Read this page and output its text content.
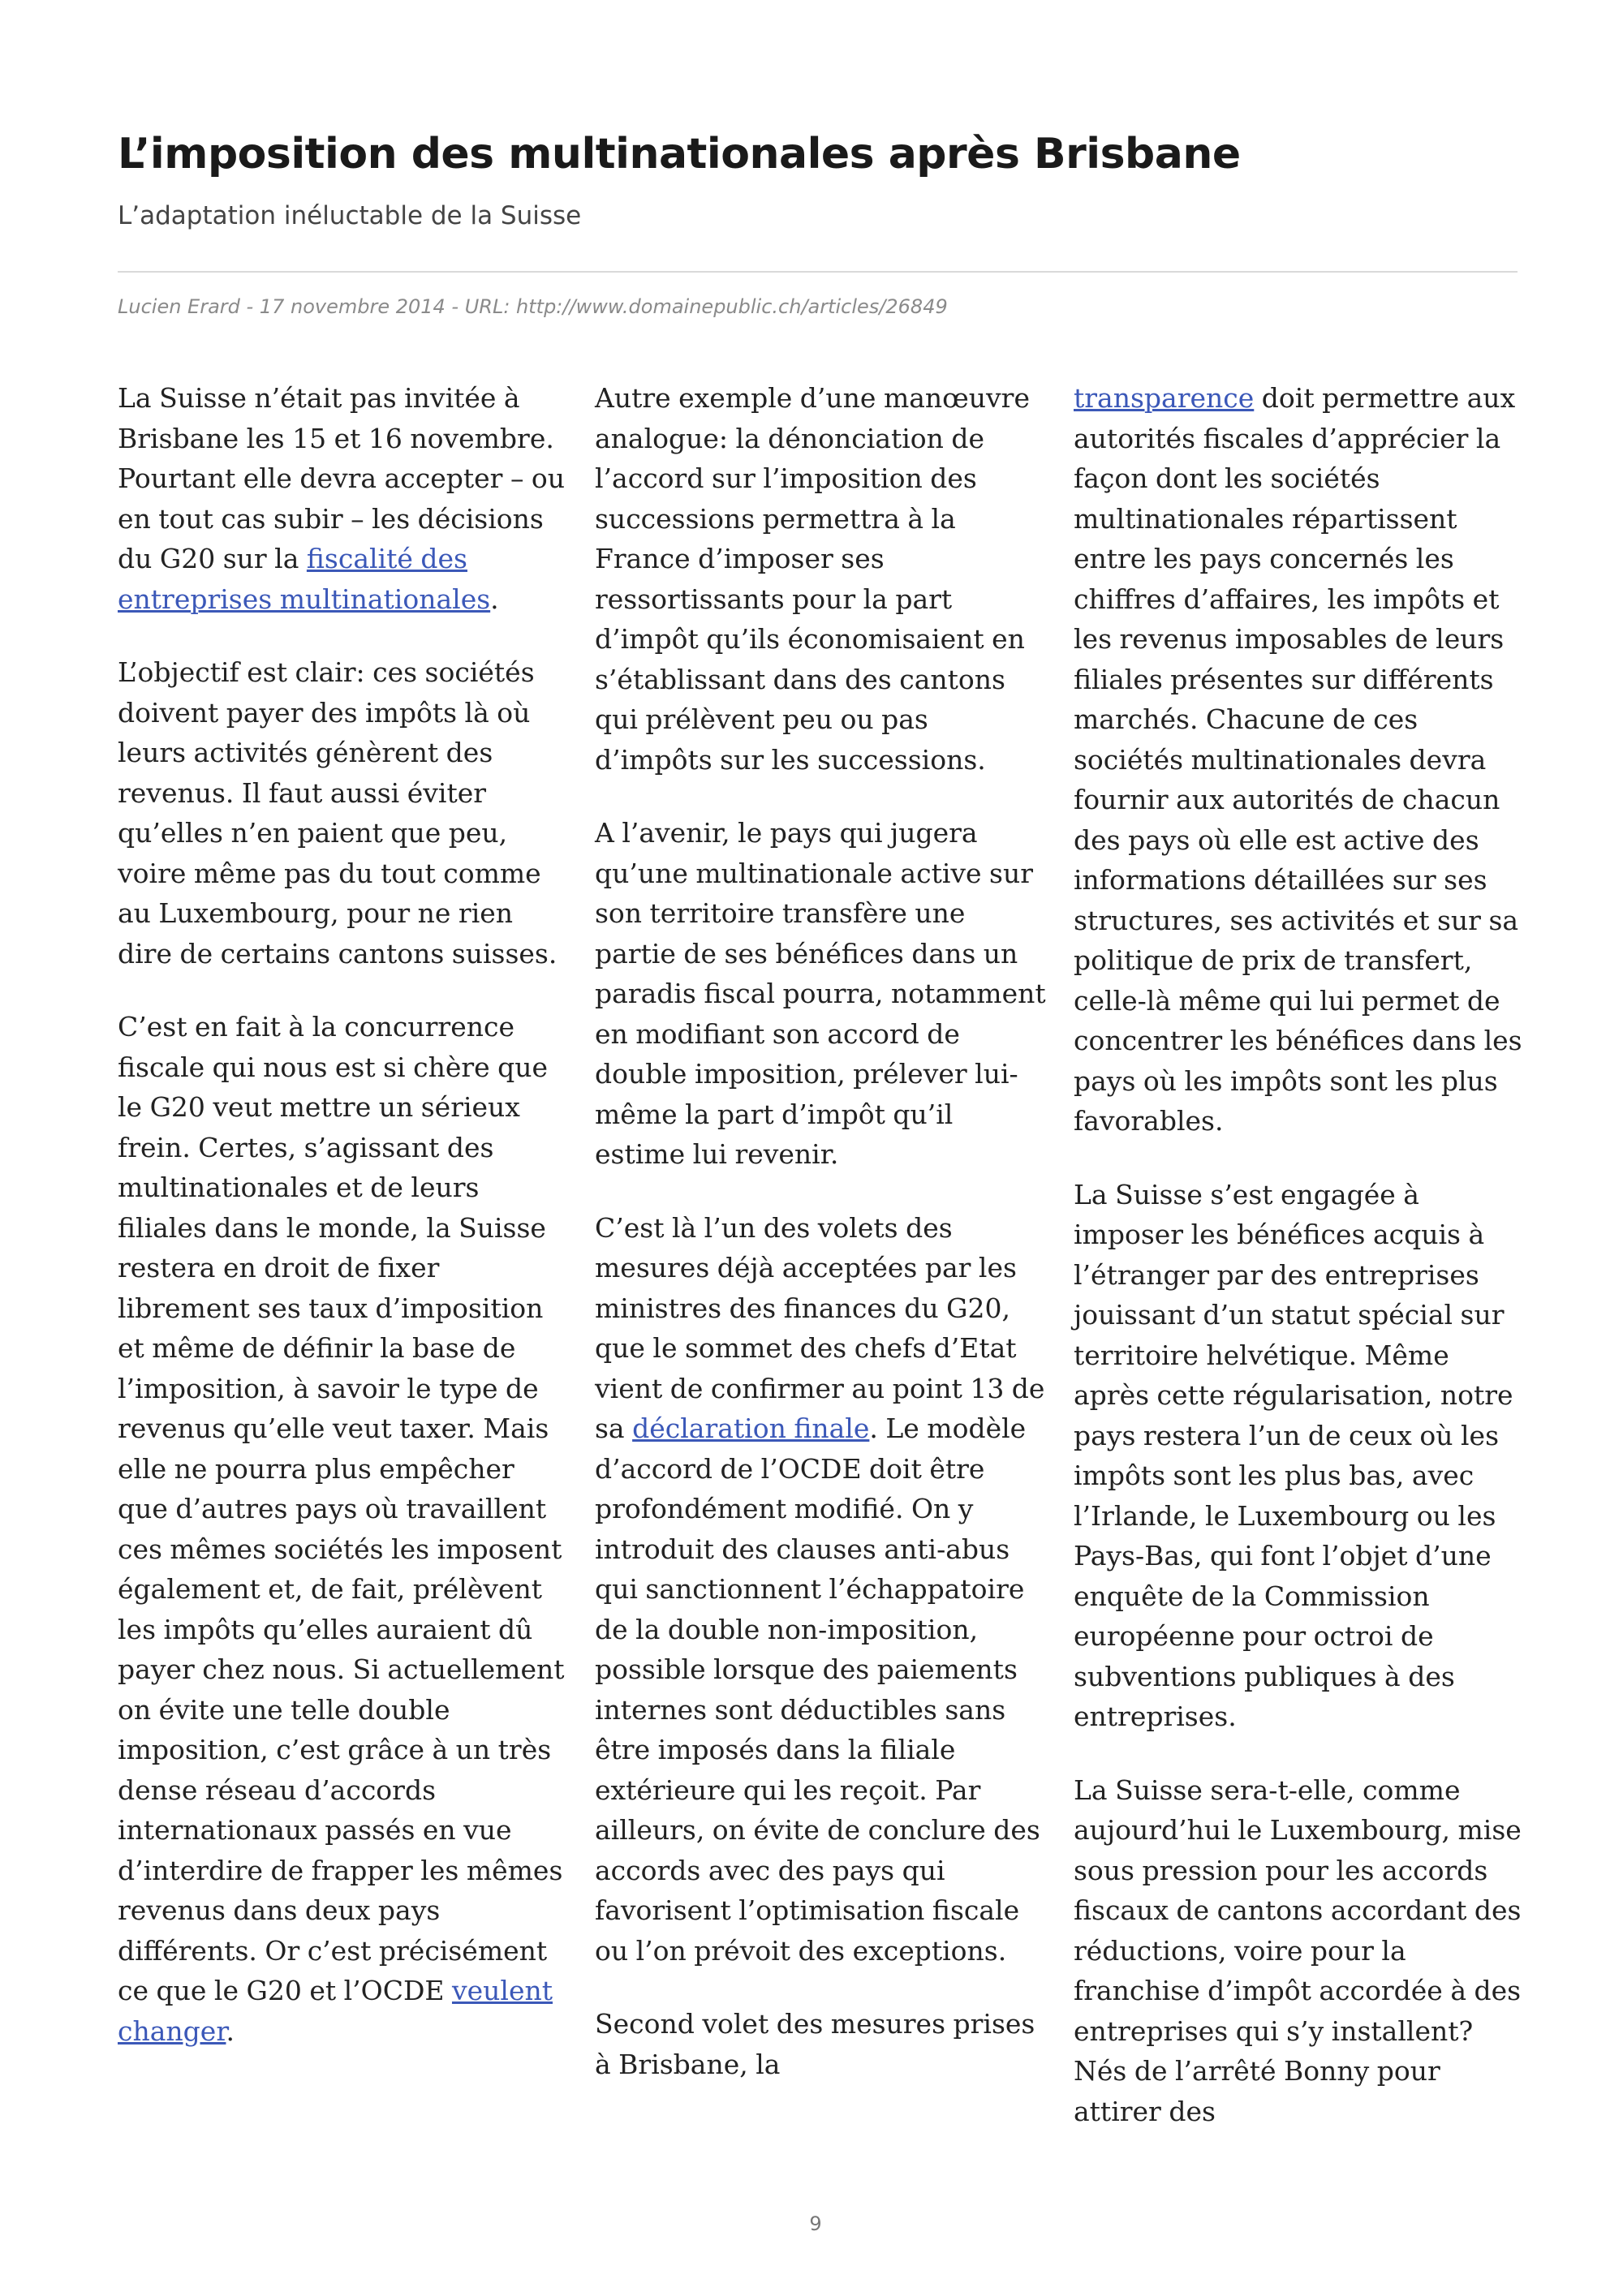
L’imposition des multinationales après Brisbane

L’adaptation inéluctable de la Suisse

Lucien Erard - 17 novembre 2014 - URL: http://www.domainepublic.ch/articles/26849

La Suisse n’était pas invitée à Brisbane les 15 et 16 novembre. Pourtant elle devra accepter – ou en tout cas subir – les décisions du G20 sur la fiscalité des entreprises multinationales.

L’objectif est clair: ces sociétés doivent payer des impôts là où leurs activités génèrent des revenus. Il faut aussi éviter qu’elles n’en paient que peu, voire même pas du tout comme au Luxembourg, pour ne rien dire de certains cantons suisses.

C’est en fait à la concurrence fiscale qui nous est si chère que le G20 veut mettre un sérieux frein. Certes, s’agissant des multinationales et de leurs filiales dans le monde, la Suisse restera en droit de fixer librement ses taux d’imposition et même de définir la base de l’imposition, à savoir le type de revenus qu’elle veut taxer. Mais elle ne pourra plus empêcher que d’autres pays où travaillent ces mêmes sociétés les imposent également et, de fait, prélèvent les impôts qu’elles auraient dû payer chez nous. Si actuellement on évite une telle double imposition, c’est grâce à un très dense réseau d’accords internationaux passés en vue d’interdire de frapper les mêmes revenus dans deux pays différents. Or c’est précisément ce que le G20 et l’OCDE veulent changer.

Autre exemple d’une manœuvre analogue: la dénonciation de l’accord sur l’imposition des successions permettra à la France d’imposer ses ressortissants pour la part d’impôt qu’ils économisaient en s’établissant dans des cantons qui prélèvent peu ou pas d’impôts sur les successions.

A l’avenir, le pays qui jugera qu’une multinationale active sur son territoire transfère une partie de ses bénéfices dans un paradis fiscal pourra, notamment en modifiant son accord de double imposition, prélever lui-même la part d’impôt qu’il estime lui revenir.

C’est là l’un des volets des mesures déjà acceptées par les ministres des finances du G20, que le sommet des chefs d’Etat vient de confirmer au point 13 de sa déclaration finale. Le modèle d’accord de l’OCDE doit être profondément modifié. On y introduit des clauses anti-abus qui sanctionnent l’échappatoire de la double non-imposition, possible lorsque des paiements internes sont déductibles sans être imposés dans la filiale extérieure qui les reçoit. Par ailleurs, on évite de conclure des accords avec des pays qui favorisent l’optimisation fiscale ou l’on prévoit des exceptions.

Second volet des mesures prises à Brisbane, la

transparence doit permettre aux autorités fiscales d’apprécier la façon dont les sociétés multinationales répartissent entre les pays concernés les chiffres d’affaires, les impôts et les revenus imposables de leurs filiales présentes sur différents marchés. Chacune de ces sociétés multinationales devra fournir aux autorités de chacun des pays où elle est active des informations détaillées sur ses structures, ses activités et sur sa politique de prix de transfert, celle-là même qui lui permet de concentrer les bénéfices dans les pays où les impôts sont les plus favorables.

La Suisse s’est engagée à imposer les bénéfices acquis à l’étranger par des entreprises jouissant d’un statut spécial sur territoire helvétique. Même après cette régularisation, notre pays restera l’un de ceux où les impôts sont les plus bas, avec l’Irlande, le Luxembourg ou les Pays-Bas, qui font l’objet d’une enquête de la Commission européenne pour octroi de subventions publiques à des entreprises.

La Suisse sera-t-elle, comme aujourd’hui le Luxembourg, mise sous pression pour les accords fiscaux de cantons accordant des réductions, voire pour la franchise d’impôt accordée à des entreprises qui s’y installent? Nés de l’arrêté Bonny pour attirer des

9
